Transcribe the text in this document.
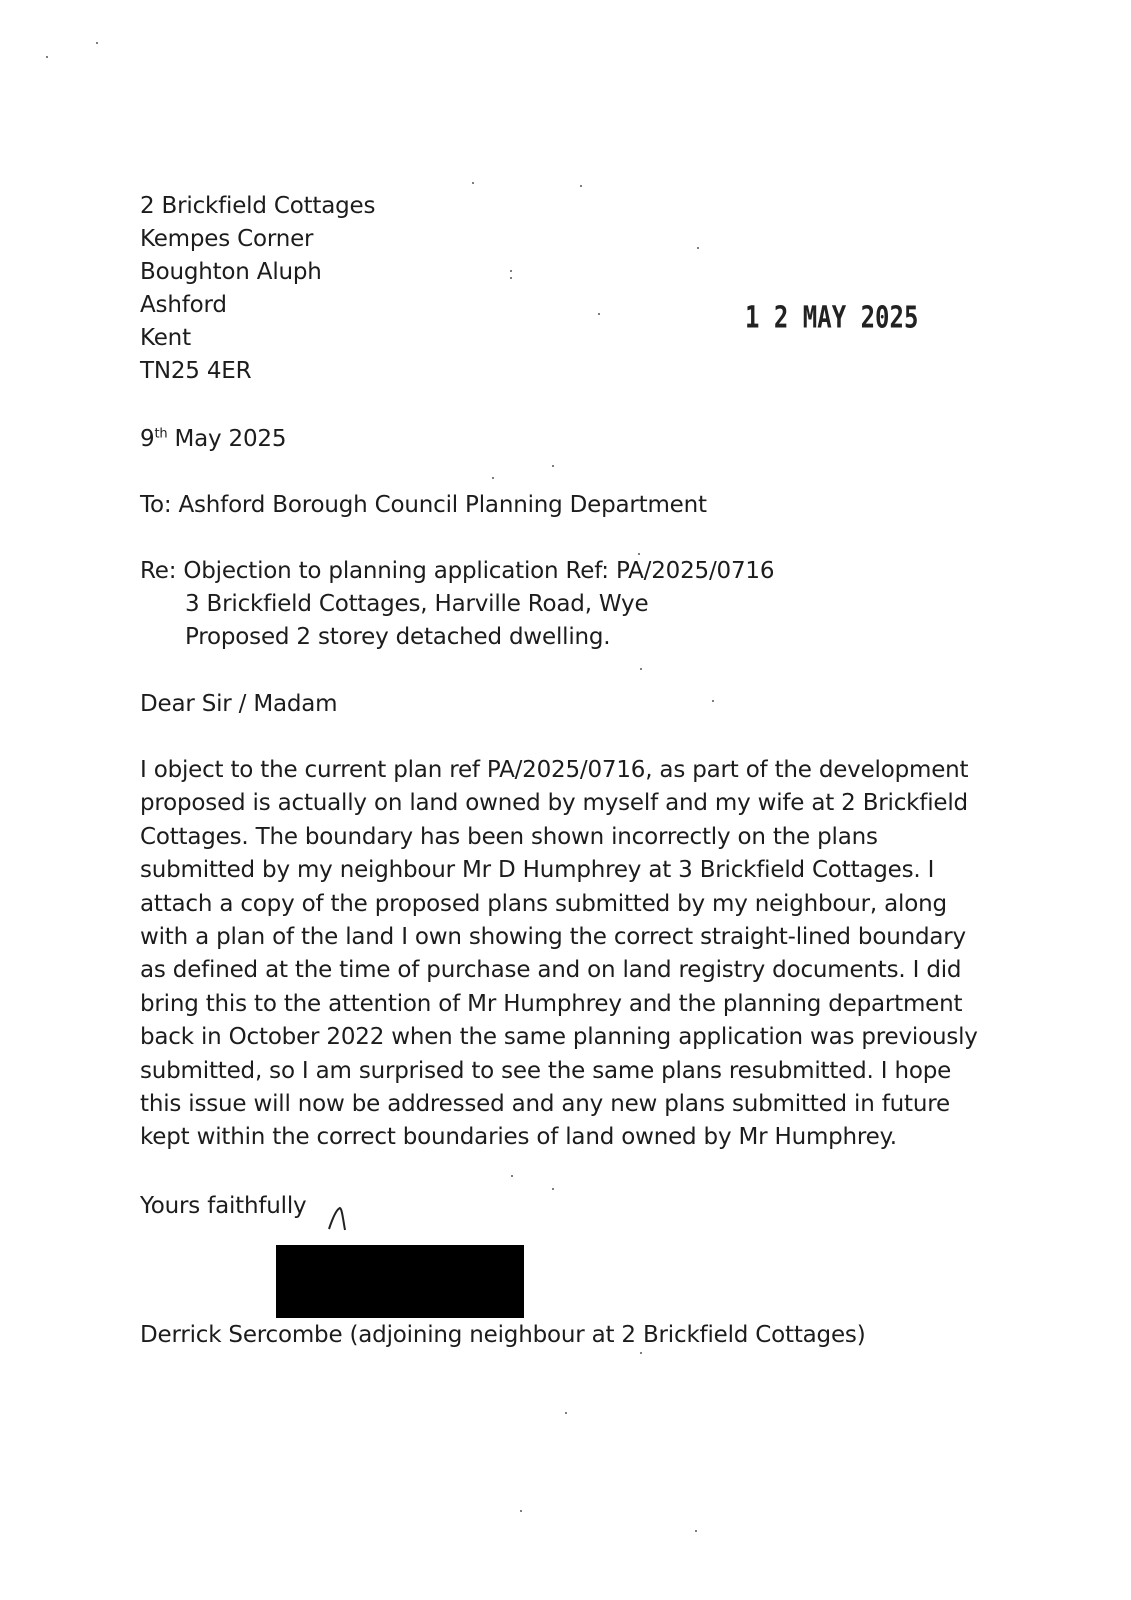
2 Brickfield Cottages
Kempes Corner
Boughton Aluph
Ashford
Kent
TN25 4ER
1 2 MAY 2025
9th May 2025
To: Ashford Borough Council Planning Department
Re: Objection to planning application Ref: PA/2025/0716
3 Brickfield Cottages, Harville Road, Wye
Proposed 2 storey detached dwelling.
Dear Sir / Madam
I object to the current plan ref PA/2025/0716, as part of the development
proposed is actually on land owned by myself and my wife at 2 Brickfield
Cottages. The boundary has been shown incorrectly on the plans
submitted by my neighbour Mr D Humphrey at 3 Brickfield Cottages. I
attach a copy of the proposed plans submitted by my neighbour, along
with a plan of the land I own showing the correct straight-lined boundary
as defined at the time of purchase and on land registry documents. I did
bring this to the attention of Mr Humphrey and the planning department
back in October 2022 when the same planning application was previously
submitted, so I am surprised to see the same plans resubmitted. I hope
this issue will now be addressed and any new plans submitted in future
kept within the correct boundaries of land owned by Mr Humphrey.
Yours faithfully
Derrick Sercombe (adjoining neighbour at 2 Brickfield Cottages)
